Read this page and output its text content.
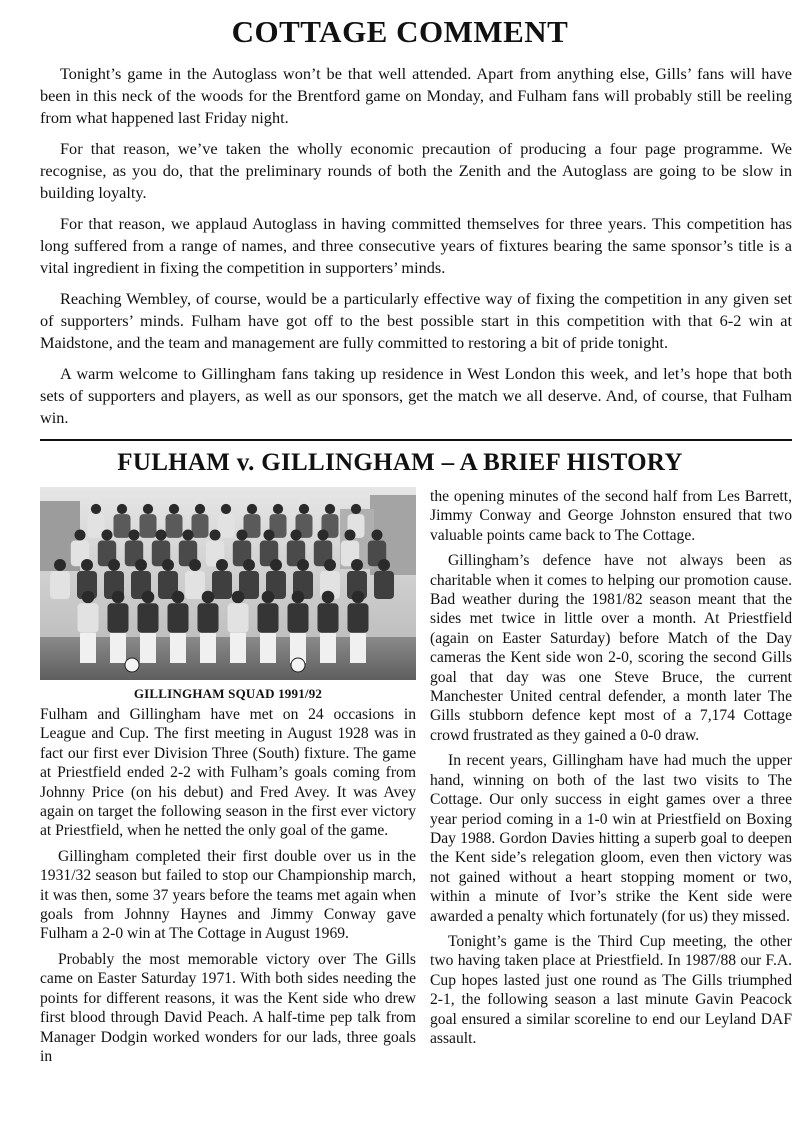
COTTAGE COMMENT

Tonight’s game in the Autoglass won’t be that well attended. Apart from anything else, Gills’ fans will have been in this neck of the woods for the Brentford game on Monday, and Fulham fans will probably still be reeling from what happened last Friday night.

For that reason, we’ve taken the wholly economic precaution of producing a four page programme. We recognise, as you do, that the preliminary rounds of both the Zenith and the Autoglass are going to be slow in building loyalty.

For that reason, we applaud Autoglass in having committed themselves for three years. This competition has long suffered from a range of names, and three consecutive years of fixtures bearing the same sponsor’s title is a vital ingredient in fixing the competition in supporters’ minds.

Reaching Wembley, of course, would be a particularly effective way of fixing the competition in any given set of supporters’ minds. Fulham have got off to the best possible start in this competition with that 6-2 win at Maidstone, and the team and management are fully committed to restoring a bit of pride tonight.

A warm welcome to Gillingham fans taking up residence in West London this week, and let’s hope that both sets of supporters and players, as well as our sponsors, get the match we all deserve. And, of course, that Fulham win.

FULHAM v. GILLINGHAM – A BRIEF HISTORY
GILLINGHAM SQUAD 1991/92

Fulham and Gillingham have met on 24 occasions in League and Cup. The first meeting in August 1928 was in fact our first ever Division Three (South) fixture. The game at Priestfield ended 2-2 with Fulham’s goals coming from Johnny Price (on his debut) and Fred Avey. It was Avey again on target the following season in the first ever victory at Priestfield, when he netted the only goal of the game.

Gillingham completed their first double over us in the 1931/32 season but failed to stop our Championship march, it was then, some 37 years before the teams met again when goals from Johnny Haynes and Jimmy Conway gave Fulham a 2-0 win at The Cottage in August 1969.

Probably the most memorable victory over The Gills came on Easter Saturday 1971. With both sides needing the points for different reasons, it was the Kent side who drew first blood through David Peach. A half-time pep talk from Manager Dodgin worked wonders for our lads, three goals in

the opening minutes of the second half from Les Barrett, Jimmy Conway and George Johnston ensured that two valuable points came back to The Cottage.

Gillingham’s defence have not always been as charitable when it comes to helping our promotion cause. Bad weather during the 1981/82 season meant that the sides met twice in little over a month. At Priestfield (again on Easter Saturday) before Match of the Day cameras the Kent side won 2-0, scoring the second Gills goal that day was one Steve Bruce, the current Manchester United central defender, a month later The Gills stubborn defence kept most of a 7,174 Cottage crowd frustrated as they gained a 0-0 draw.

In recent years, Gillingham have had much the upper hand, winning on both of the last two visits to The Cottage. Our only success in eight games over a three year period coming in a 1-0 win at Priestfield on Boxing Day 1988. Gordon Davies hitting a superb goal to deepen the Kent side’s relegation gloom, even then victory was not gained without a heart stopping moment or two, within a minute of Ivor’s strike the Kent side were awarded a penalty which fortunately (for us) they missed.

Tonight’s game is the Third Cup meeting, the other two having taken place at Priestfield. In 1987/88 our F.A. Cup hopes lasted just one round as The Gills triumphed 2-1, the following season a last minute Gavin Peacock goal ensured a similar scoreline to end our Leyland DAF assault.
